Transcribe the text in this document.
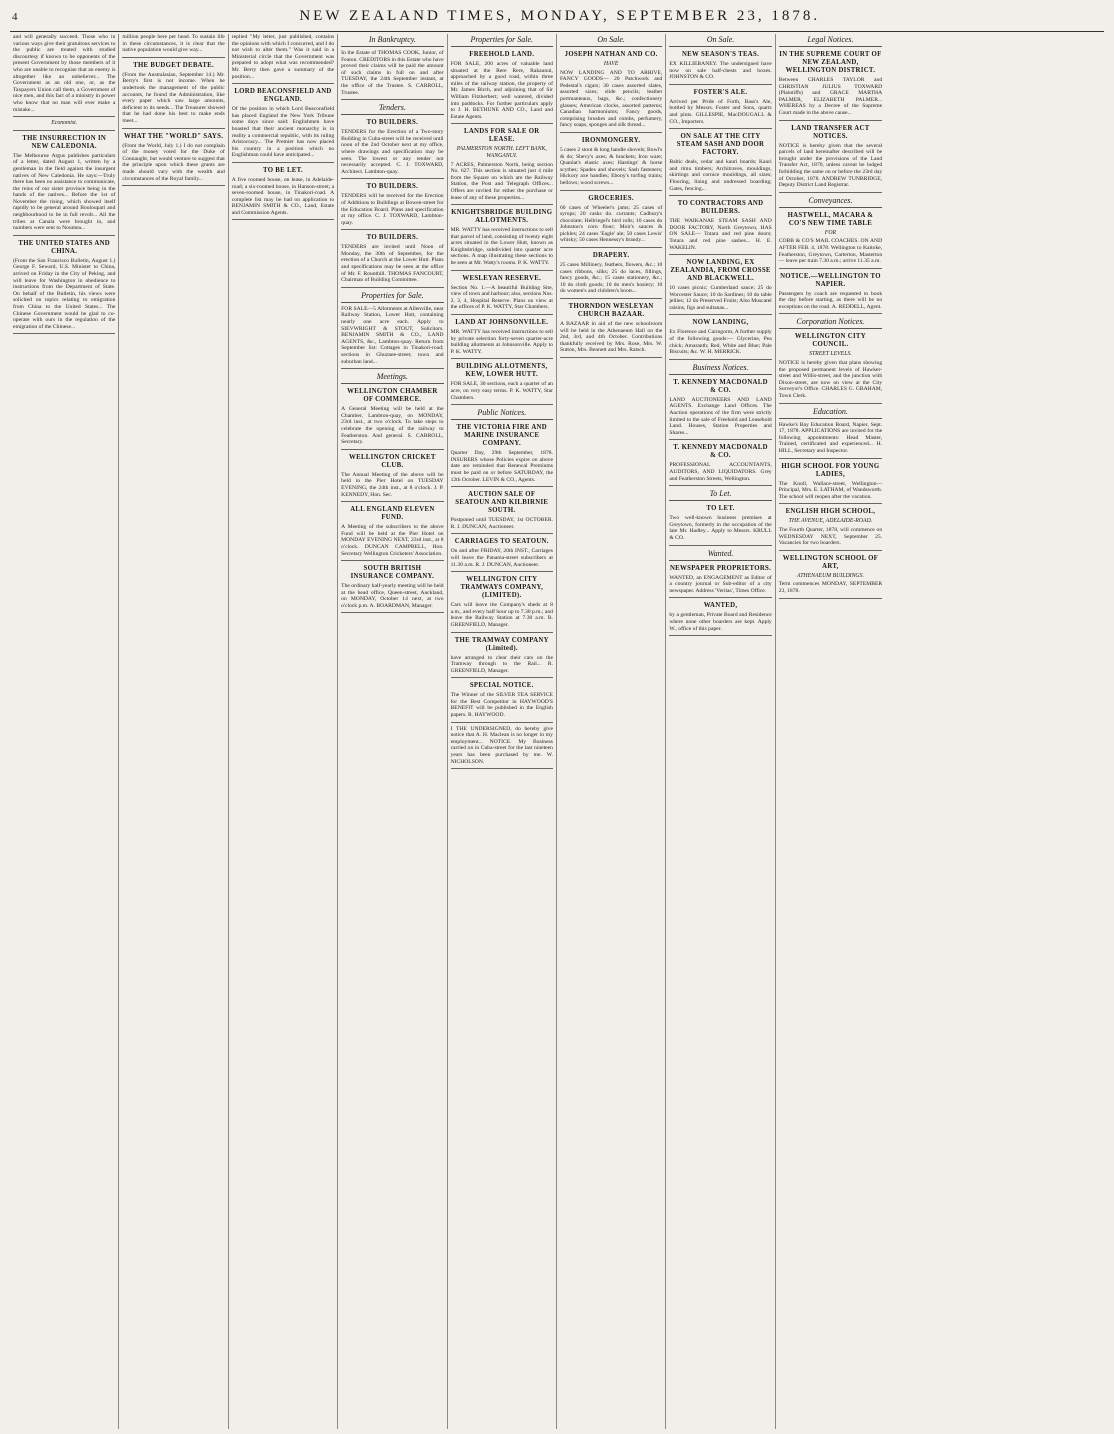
4	NEW ZEALAND TIMES, MONDAY, SEPTEMBER 23, 1878.
and will generally succeed. Those who in various ways give their gratuitous services to the public are treated with studied discourtesy if known to be opponents of the present Government by those members of it who are unable to recognise that an enemy is altogether like an unbeliever... The Government as an old one, or, as the Taxpayers Union call them, a Government of nice men, and this fact of a ministry in power who know that no man will ever make a mistake...
Economist.
THE INSURRECTION IN NEW CALEDONIA.
The Melbourne Argus publishes particulars of a letter, dated August 1, written by a gentleman in the field against the insurgent natives of New Caledonia. He says:—Truly there has been no assistance to communicate, the reins of our sister province being in the hands of the natives... Before the 1st of November the rising, which showed itself rapidly to be general around Bouloupari and neighbourhood to be in full revolt... All the tribes at Canala were brought in, and numbers were sent to Noumea...
THE UNITED STATES AND CHINA.
(From the San Francisco Bulletin, August 1.) George F. Seward, U.S. Minister to China, arrived on Friday in the City of Peking, and will leave for Washington in obedience to instructions from the Department of State. On behalf of the Bulletin, his views were solicited on topics relating to emigration from China to the United States... The Chinese Government would be glad to co-operate with ours in the regulation of the emigration of the Chinese...
million people here per head. To sustain life in these circumstances, it is clear that the native population would give way...
THE BUDGET DEBATE.
(From the Australasian, September 14.) Mr. Berry's first is not income. When he undertook the management of the public accounts, he found the Administration, like every paper which saw large amounts, deficient to its needs... The Treasurer showed that he had done his best to make ends meet...
WHAT THE "WORLD" SAYS.
(From the World, July 1.) I do not complain of the money voted for the Duke of Connaught, but would venture to suggest that the principle upon which these grants are made should vary with the wealth and circumstances of the Royal family...
replied "My letter, just published, contains the opinions with which I concurred, and I do not wish to alter them." Was it said in a Ministerial circle that the Government was prepared to adopt what was recommended? Mr. Berry then gave a summary of the position...
LORD BEACONSFIELD AND ENGLAND.
Of the position in which Lord Beaconsfield has placed England the New York Tribune some days since said: Englishmen have boasted that their ancient monarchy is in reality a commercial republic, with its ruling Aristocracy... The Premier has now placed his country in a position which no Englishman could have anticipated...
TO BE LET.
A five roomed house, on lease, in Adelaide-road; a six-roomed house, in Hanson-street; a seven-roomed house, in Tinakori-road. A complete list may be had on application to BENJAMIN SMITH & CO., Land, Estate and Commission Agents.
In Bankruptcy.
In the Estate of THOMAS COOK, Junior, of Featon. CREDITORS in this Estate who have proved their claims will be paid the amount of such claims in full on and after TUESDAY, the 24th September instant, at the office of the Trustee. S. CARROLL, Trustee.
Tenders.
TO BUILDERS.
TENDERS for the Erection of a Two-story Building in Cuba-street will be received until noon of the 2nd October next at my office, where drawings and specification may be seen. The lowest or any tender not necessarily accepted. C. J. TOXWARD, Architect. Lambton-quay.
TO BUILDERS.
TENDERS will be received for the Erection of Additions to Buildings at Bowen-street for the Education Board. Plans and specification at my office. C. J. TOXWARD, Lambton-quay.
TO BUILDERS.
TENDERS are invited until Noon of Monday, the 30th of September, for the erection of a Church at the Lower Hutt. Plans and specifications may be seen at the office of Mr. F. Rounthill. THOMAS FANCOURT, Chairman of Building Committee.
Properties for Sale.
FOR SALE—5 Allotments at Allenville, near Railway Station, Lower Hutt, containing nearly one acre each. Apply to SIEVWRIGHT & STOUT, Solicitors. BENJAMIN SMITH & CO., LAND AGENTS, &c., Lambton-quay. Return from September list: Cottages in Tinakori-road; sections in Ghuznee-street; town and suburban land...
Meetings.
WELLINGTON CHAMBER OF COMMERCE.
A General Meeting will be held at the Chamber, Lambton-quay, on MONDAY, 23rd inst., at two o'clock. To take steps to celebrate the opening of the railway to Featherston. And general. S. CARROLL, Secretary.
WELLINGTON CRICKET CLUB.
The Annual Meeting of the above will be held in the Pier Hotel on TUESDAY EVENING, the 24th inst., at 8 o'clock. J. P. KENNEDY, Hon. Sec.
ALL ENGLAND ELEVEN FUND.
A Meeting of the subscribers to the above Fund will be held at the Pier Hotel on MONDAY EVENING NEXT, 23rd inst., at 8 o'clock. DUNCAN CAMPBELL, Hon. Secretary Wellington Cricketers' Association.
SOUTH BRITISH INSURANCE COMPANY.
The ordinary half-yearly meeting will be held at the head office, Queen-street, Auckland, on MONDAY, October 14 next, at two o'clock p.m. A. BOARDMAN, Manager.
Properties for Sale.
FREEHOLD LAND.
FOR SALE, 200 acres of valuable land situated at the Rere Rere, Rakaunui, approached by a good road, within three miles of the railway station, the property of Mr. James Birch, and adjoining that of Sir William Fitzherbert; well watered, divided into paddocks. For further particulars apply to J. H. BETHUNE AND CO., Land and Estate Agents.
LANDS FOR SALE OR LEASE.
PALMERSTON NORTH. LEFT BANK, WANGANUI.
7 ACRES, Palmerston North, being section No. 627. This section is situated just 4 mile from the Square on which are the Railway Station, the Post and Telegraph Offices... Offers are invited for either the purchase or lease of any of these properties...
KNIGHTSBRIDGE BUILDING ALLOTMENTS.
MR. WATTY has received instructions to sell that parcel of land, consisting of twenty eight acres situated in the Lower Hutt, known as Knightsbridge, subdivided into quarter acre sections. A map illustrating these sections to be seen at Mr. Watty's rooms. P. K. WATTY.
WESLEYAN RESERVE.
Section No. 1.—A beautiful Building Site, view of town and harbour; also, sections Nos. 2, 3, 4, Hospital Reserve. Plans on view at the offices of P. K. WATTY, Star Chambers.
LAND AT JOHNSONVILLE.
MR. WATTY has received instructions to sell by private selection forty-seven quarter-acre building allotments at Johnsonville. Apply to P. K. WATTY.
BUILDING ALLOTMENTS, KEW, LOWER HUTT.
FOR SALE, 30 sections, each a quarter of an acre, on very easy terms. P. K. WATTY, Star Chambers.
Public Notices.
THE VICTORIA FIRE AND MARINE INSURANCE COMPANY.
Quarter Day, 29th September, 1878. INSURERS whose Policies expire on above date are reminded that Renewal Premiums must be paid on or before SATURDAY, the 12th October. LEVIN & CO., Agents.
AUCTION SALE OF SEATOUN AND KILBIRNIE SOUTH.
Postponed until TUESDAY, 1st OCTOBER. R. J. DUNCAN, Auctioneer.
CARRIAGES TO SEATOUN.
On and after FRIDAY, 20th INST., Carriages will leave the Panama-street subscribers at 11.30 a.m. R. J. DUNCAN, Auctioneer.
WELLINGTON CITY TRAMWAYS COMPANY, (LIMITED).
Cars will leave the Company's sheds at 8 a.m., and every half hour up to 7.30 p.m.; and leave the Railway Station at 7.30 a.m. R. GREENFIELD, Manager.
THE TRAMWAY COMPANY (Limited).
have arranged to clear their cars on the Tramway through to the Rail... R. GREENFIELD, Manager.
SPECIAL NOTICE.
The Winner of the SILVER TEA SERVICE for the Best Competitor in HAYWOOD'S BENEFIT will be published in the English papers. R. HAYWOOD.
I THE UNDERSIGNED, do hereby give notice that A. H. Maclean is no longer in my employment... NOTICE. My Business carried on in Cuba-street for the last nineteen years has been purchased by me. W. NICHOLSON.
On Sale.
JOSEPH NATHAN AND CO.
HAVE
NOW LANDING AND TO ARRIVE, FANCY GOODS— 20 Patchwork and Pedestal's cigars; 30 cases assorted slates, assorted sizes; slide pencils; leather portmanteaux, bags, &c.; confectionery glasses; American clocks, assorted patterns; Canadian harmoniums; Fancy goods, comprising brushes and combs, perfumery, fancy soaps, sponges and silk thread...
IRONMONGERY.
5 cases 2 stout & long handle shovels; Bowl's & do; Shevy's axes; & brackets; Iron ware; Quanlat's elastic axes; Hastings' & horse scythes; Spades and shovels; Sash fasteners; Hickory axe handles; Ebony's turfing trains; bellows; wood screws...
GROCERIES.
60 cases of Wheeler's jams; 25 cases of syrups; 20 casks do. currants; Cadbury's chocolate; Hellriegel's bird rolls; 10 cases do Johnston's corn flour; Moir's sauces & pickles; 24 cases 'Eagle' ale; 50 cases Lewis' whisky; 50 cases Hennessy's brandy...
DRAPERY.
25 cases Millinery, feathers, flowers, &c.; 10 cases ribbons, silks; 25 do laces, fillings, fancy goods, &c.; 15 cases stationery, &c.; 10 do cloth goods; 10 do men's hosiery; 10 do women's and children's boots...
THORNDON WESLEYAN CHURCH BAZAAR.
A BAZAAR in aid of the new schoolroom will be held in the Athenaeum Hall on the 2nd, 3rd, and 4th October. Contributions thankfully received by Mrs. Rose, Mrs. W. Sutton, Mrs. Bennett and Mrs. Ratsch.
On Sale.
NEW SEASON'S TEAS.
EX KILLIEBANEY. The undersigned have now on sale half-chests and boxes. JOHNSTON & CO.
FOSTER'S ALE.
Arrived per Pride of Forth, Bass's Ale, bottled by Messrs. Foster and Sons, quarts and pints. GILLESPIE, MacDOUGALL & CO., Importers.
ON SALE AT THE CITY STEAM SASH AND DOOR FACTORY.
Baltic deals, cedar and kauri boards; Kauri and rimu timbers; Architraves, mouldings, skirtings and cornice mouldings, all sizes; Flooring, lining and undressed boarding; Gates, fencing...
TO CONTRACTORS AND BUILDERS.
THE WAIKANAE STEAM SASH AND DOOR FACTORY, North Greytown, HAS ON SALE— Totara and red pine doors; Totara and red pine sashes... H. E. WAKELIN.
NOW LANDING, EX ZEALANDIA, FROM CROSSE AND BLACKWELL.
10 cases picnic; Cumberland sauce; 25 do Worcester Sauce; 10 do Sardines; 10 do table jellies; 12 do Preserved Fruits; Also Muscatel raisins, figs and sultanas...
NOW LANDING,
Ex Florence and Cairngorm, A further supply of the following goods:— Glycerine, Pea chick; Amaranth; Red, White and Blue; Pale Biscuits; &c. W. H. MERRICK.
Business Notices.
T. KENNEDY MACDONALD & CO.
LAND AUCTIONEERS AND LAND AGENTS. Exchange Land Offices. The Auction operations of the firm were strictly limited to the sale of Freehold and Leasehold Land. Houses, Station Properties and Shares...
T. KENNEDY MACDONALD & CO.
PROFESSIONAL ACCOUNTANTS, AUDITORS, AND LIQUIDATORS. Grey and Featherston Streets, Wellington.
To Let.
TO LET.
Two well-known business premises at Greytown, formerly in the occupation of the late Mr. Hadley... Apply to Messrs. KRULL & CO.
Wanted.
NEWSPAPER PROPRIETORS.
WANTED, an ENGAGEMENT as Editor of a country journal or Sub-editor of a city newspaper. Address 'Veritas', Times Office.
WANTED,
by a gentleman, Private Board and Residence where none other boarders are kept. Apply W., office of this paper.
Legal Notices.
IN THE SUPREME COURT OF NEW ZEALAND, WELLINGTON DISTRICT.
Between CHARLES TAYLOR and CHRISTIAN JULIUS TOXWARD (Plaintiffs) and GRACE MARTHA PALMER, ELIZABETH PALMER... WHEREAS by a Decree of the Supreme Court made in the above cause...
LAND TRANSFER ACT NOTICES.
NOTICE is hereby given that the several parcels of land hereinafter described will be brought under the provisions of the Land Transfer Act, 1870, unless caveat be lodged forbidding the same on or before the 23rd day of October, 1878. ANDREW TUNBRIDGE, Deputy District Land Registrar.
Conveyances.
HASTWELL, MACARA & CO'S NEW TIME TABLE
FOR
COBB & CO'S MAIL COACHES. ON AND AFTER FEB. 4, 1878. Wellington to Kaitoke, Featherston, Greytown, Carterton, Masterton — leave per train 7.30 a.m.; arrive 11.35 a.m.
NOTICE.—WELLINGTON TO NAPIER.
Passengers by coach are requested to book the day before starting, as there will be no exceptions on the road. A. REDDELL, Agent.
Corporation Notices.
WELLINGTON CITY COUNCIL.
STREET LEVELS.
NOTICE is hereby given that plans showing the proposed permanent levels of Hawker-street and Willis-street, and the junction with Dixon-street, are now on view at the City Surveyor's Office. CHARLES G. GRAHAM, Town Clerk.
Education.
Hawke's Bay Education Board, Napier, Sept. 17, 1878. APPLICATIONS are invited for the following appointments: Head Master, Trained, certificated and experienced... H. HILL, Secretary and Inspector.
HIGH SCHOOL FOR YOUNG LADIES,
The Knoll, Wallace-street, Wellington—Principal, Mrs. E. LATHAM, of Wandsworth. The school will reopen after the vacation.
ENGLISH HIGH SCHOOL,
THE AVENUE, ADELAIDE-ROAD.
The Fourth Quarter, 1878, will commence on WEDNESDAY NEXT, September 25. Vacancies for two boarders.
WELLINGTON SCHOOL OF ART,
ATHENAEUM BUILDINGS.
Term commences MONDAY, SEPTEMBER 23, 1878.
